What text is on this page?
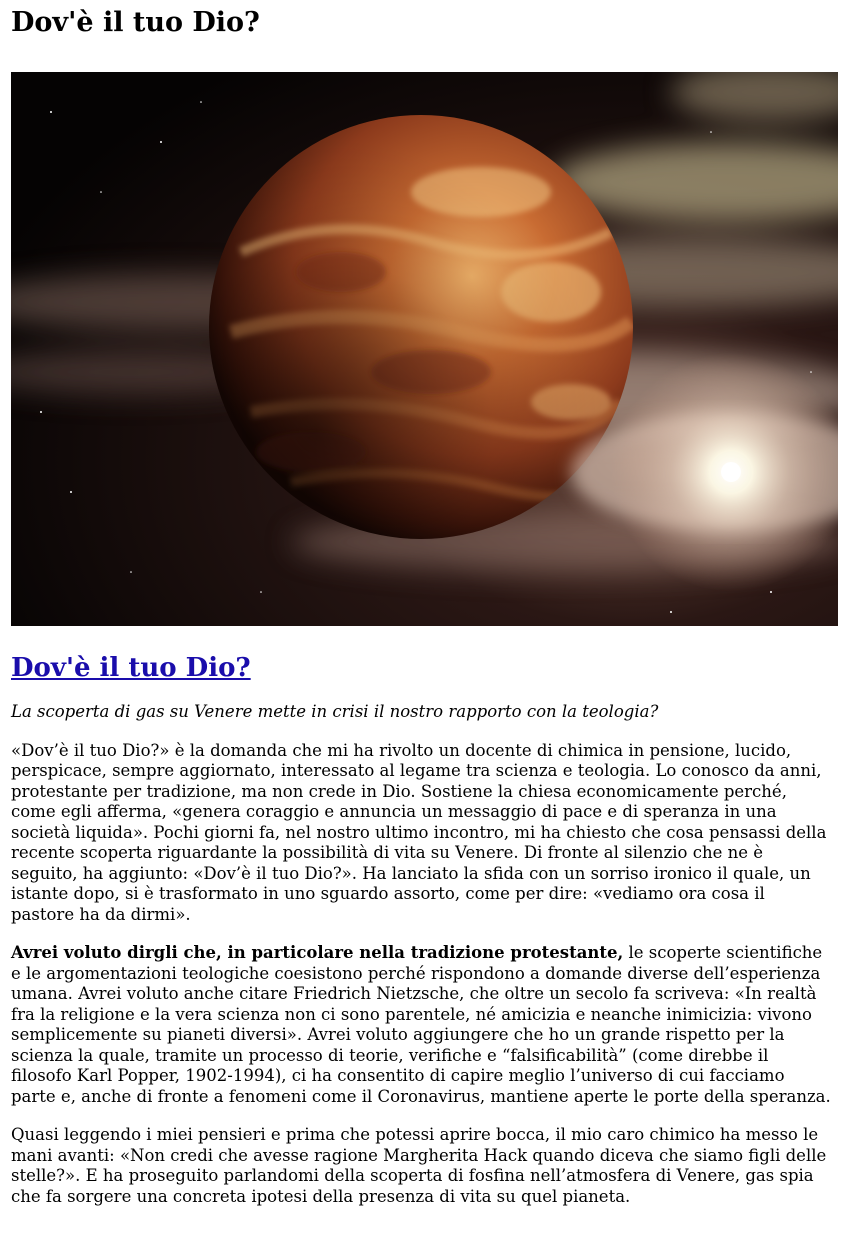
Dov'è il tuo Dio?
Dov'è il tuo Dio?

La scoperta di gas su Venere mette in crisi il nostro rapporto con la teologia?

«Dov’è il tuo Dio?» è la domanda che mi ha rivolto un docente di chimica in pensione, lucido, perspicace, sempre aggiornato, interessato al legame tra scienza e teologia. Lo conosco da anni, protestante per tradizione, ma non crede in Dio. Sostiene la chiesa economicamente perché, come egli afferma, «genera coraggio e annuncia un messaggio di pace e di speranza in una società liquida». Pochi giorni fa, nel nostro ultimo incontro, mi ha chiesto che cosa pensassi della recente scoperta riguardante la possibilità di vita su Venere. Di fronte al silenzio che ne è seguito, ha aggiunto: «Dov’è il tuo Dio?». Ha lanciato la sfida con un sorriso ironico il quale, un istante dopo, si è trasformato in uno sguardo assorto, come per dire: «vediamo ora cosa il pastore ha da dirmi».

Avrei voluto dirgli che, in particolare nella tradizione protestante, le scoperte scientifiche e le argomentazioni teologiche coesistono perché rispondono a domande diverse dell’esperienza umana. Avrei voluto anche citare Friedrich Nietzsche, che oltre un secolo fa scriveva: «In realtà fra la religione e la vera scienza non ci sono parentele, né amicizia e neanche inimicizia: vivono semplicemente su pianeti diversi». Avrei voluto aggiungere che ho un grande rispetto per la scienza la quale, tramite un processo di teorie, verifiche e “falsificabilità” (come direbbe il filosofo Karl Popper, 1902-1994), ci ha consentito di capire meglio l’universo di cui facciamo parte e, anche di fronte a fenomeni come il Coronavirus, mantiene aperte le porte della speranza.

Quasi leggendo i miei pensieri e prima che potessi aprire bocca, il mio caro chimico ha messo le mani avanti: «Non credi che avesse ragione Margherita Hack quando diceva che siamo figli delle stelle?». E ha proseguito parlandomi della scoperta di fosfina nell’atmosfera di Venere, gas spia che fa sorgere una concreta ipotesi della presenza di vita su quel pianeta.
